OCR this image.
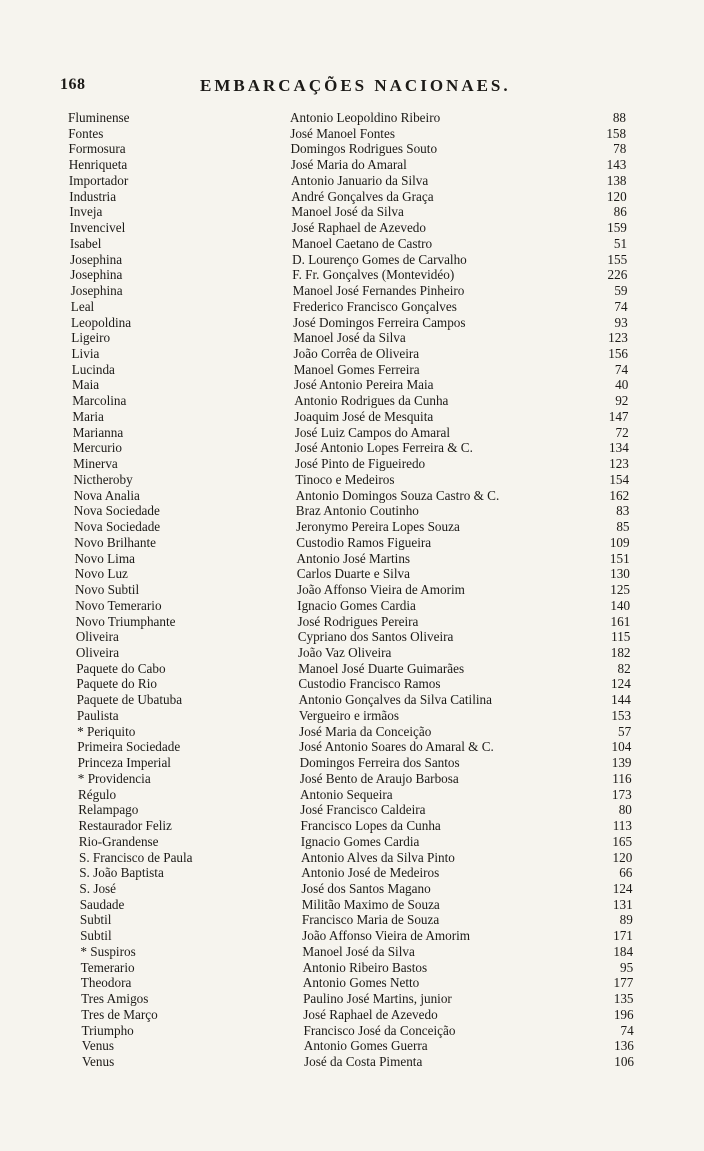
168	EMBARCAÇÕES NACIONAES.
Fluminense	Antonio Leopoldino Ribeiro	88
Fontes	José Manoel Fontes	158
Formosura	Domingos Rodrigues Souto	78
Henriqueta	José Maria do Amaral	143
Importador	Antonio Januario da Silva	138
Industria	André Gonçalves da Graça	120
Inveja	Manoel José da Silva	86
Invencivel	José Raphael de Azevedo	159
Isabel	Manoel Caetano de Castro	51
Josephina	D. Lourenço Gomes de Carvalho	155
Josephina	F. Fr. Gonçalves (Montevidéo)	226
Josephina	Manoel José Fernandes Pinheiro	59
Leal	Frederico Francisco Gonçalves	74
Leopoldina	José Domingos Ferreira Campos	93
Ligeiro	Manoel José da Silva	123
Livia	João Corrêa de Oliveira	156
Lucinda	Manoel Gomes Ferreira	74
Maia	José Antonio Pereira Maia	40
Marcolina	Antonio Rodrigues da Cunha	92
Maria	Joaquim José de Mesquita	147
Marianna	José Luiz Campos do Amaral	72
Mercurio	José Antonio Lopes Ferreira & C.	134
Minerva	José Pinto de Figueiredo	123
Nictheroby	Tinoco e Medeiros	154
Nova Analia	Antonio Domingos Souza Castro & C.	162
Nova Sociedade	Braz Antonio Coutinho	83
Nova Sociedade	Jeronymo Pereira Lopes Souza	85
Novo Brilhante	Custodio Ramos Figueira	109
Novo Lima	Antonio José Martins	151
Novo Luz	Carlos Duarte e Silva	130
Novo Subtil	João Affonso Vieira de Amorim	125
Novo Temerario	Ignacio Gomes Cardia	140
Novo Triumphante	José Rodrigues Pereira	161
Oliveira	Cypriano dos Santos Oliveira	115
Oliveira	João Vaz Oliveira	182
Paquete do Cabo	Manoel José Duarte Guimarães	82
Paquete do Rio	Custodio Francisco Ramos	124
Paquete de Ubatuba	Antonio Gonçalves da Silva Catilina	144
Paulista	Vergueiro e irmãos	153
* Periquito	José Maria da Conceição	57
Primeira Sociedade	José Antonio Soares do Amaral & C.	104
Princeza Imperial	Domingos Ferreira dos Santos	139
* Providencia	José Bento de Araujo Barbosa	116
Régulo	Antonio Sequeira	173
Relampago	José Francisco Caldeira	80
Restaurador Feliz	Francisco Lopes da Cunha	113
Rio-Grandense	Ignacio Gomes Cardia	165
S. Francisco de Paula	Antonio Alves da Silva Pinto	120
S. João Baptista	Antonio José de Medeiros	66
S. José	José dos Santos Magano	124
Saudade	Militão Maximo de Souza	131
Subtil	Francisco Maria de Souza	89
Subtil	João Affonso Vieira de Amorim	171
* Suspiros	Manoel José da Silva	184
Temerario	Antonio Ribeiro Bastos	95
Theodora	Antonio Gomes Netto	177
Tres Amigos	Paulino José Martins, junior	135
Tres de Março	José Raphael de Azevedo	196
Triumpho	Francisco José da Conceição	74
Venus	Antonio Gomes Guerra	136
Venus	José da Costa Pimenta	106
